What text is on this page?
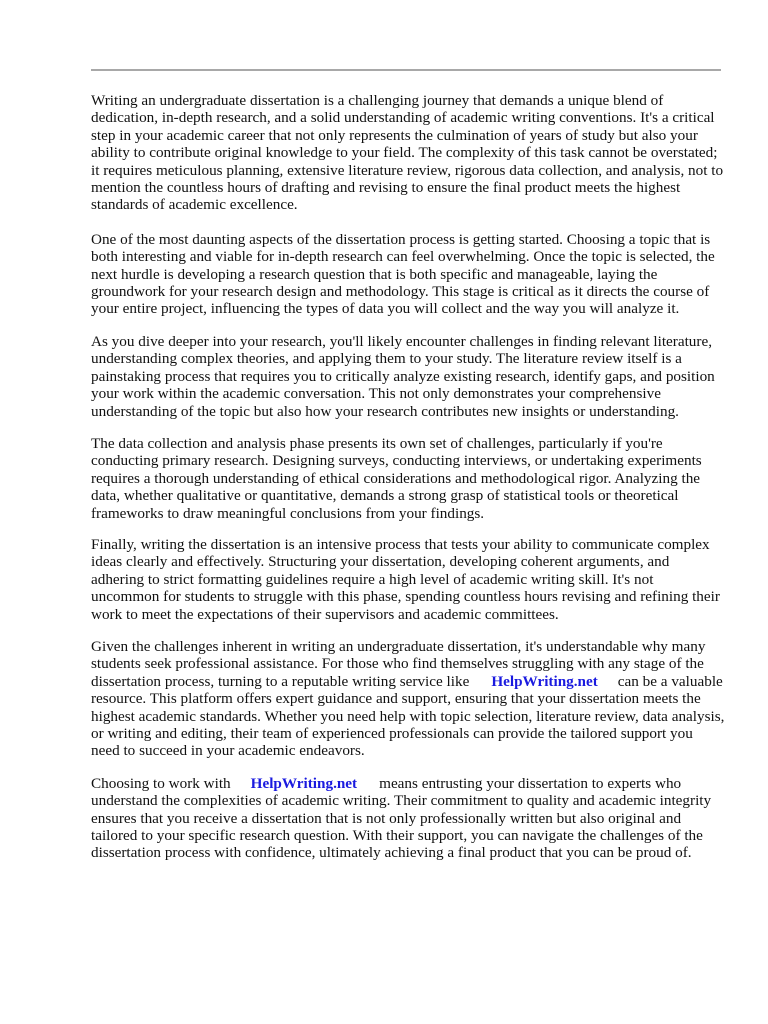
Writing an undergraduate dissertation is a challenging journey that demands a unique blend of dedication, in-depth research, and a solid understanding of academic writing conventions. It's a critical step in your academic career that not only represents the culmination of years of study but also your ability to contribute original knowledge to your field. The complexity of this task cannot be overstated; it requires meticulous planning, extensive literature review, rigorous data collection, and analysis, not to mention the countless hours of drafting and revising to ensure the final product meets the highest standards of academic excellence.

One of the most daunting aspects of the dissertation process is getting started. Choosing a topic that is both interesting and viable for in-depth research can feel overwhelming. Once the topic is selected, the next hurdle is developing a research question that is both specific and manageable, laying the groundwork for your research design and methodology. This stage is critical as it directs the course of your entire project, influencing the types of data you will collect and the way you will analyze it.

As you dive deeper into your research, you'll likely encounter challenges in finding relevant literature, understanding complex theories, and applying them to your study. The literature review itself is a painstaking process that requires you to critically analyze existing research, identify gaps, and position your work within the academic conversation. This not only demonstrates your comprehensive understanding of the topic but also how your research contributes new insights or understanding.

The data collection and analysis phase presents its own set of challenges, particularly if you're conducting primary research. Designing surveys, conducting interviews, or undertaking experiments requires a thorough understanding of ethical considerations and methodological rigor. Analyzing the data, whether qualitative or quantitative, demands a strong grasp of statistical tools or theoretical frameworks to draw meaningful conclusions from your findings.

Finally, writing the dissertation is an intensive process that tests your ability to communicate complex ideas clearly and effectively. Structuring your dissertation, developing coherent arguments, and adhering to strict formatting guidelines require a high level of academic writing skill. It's not uncommon for students to struggle with this phase, spending countless hours revising and refining their work to meet the expectations of their supervisors and academic committees.

Given the challenges inherent in writing an undergraduate dissertation, it's understandable why many students seek professional assistance. For those who find themselves struggling with any stage of the dissertation process, turning to a reputable writing service like HelpWriting.net can be a valuable resource. This platform offers expert guidance and support, ensuring that your dissertation meets the highest academic standards. Whether you need help with topic selection, literature review, data analysis, or writing and editing, their team of experienced professionals can provide the tailored support you need to succeed in your academic endeavors.

Choosing to work with HelpWriting.net means entrusting your dissertation to experts who understand the complexities of academic writing. Their commitment to quality and academic integrity ensures that you receive a dissertation that is not only professionally written but also original and tailored to your specific research question. With their support, you can navigate the challenges of the dissertation process with confidence, ultimately achieving a final product that you can be proud of.
